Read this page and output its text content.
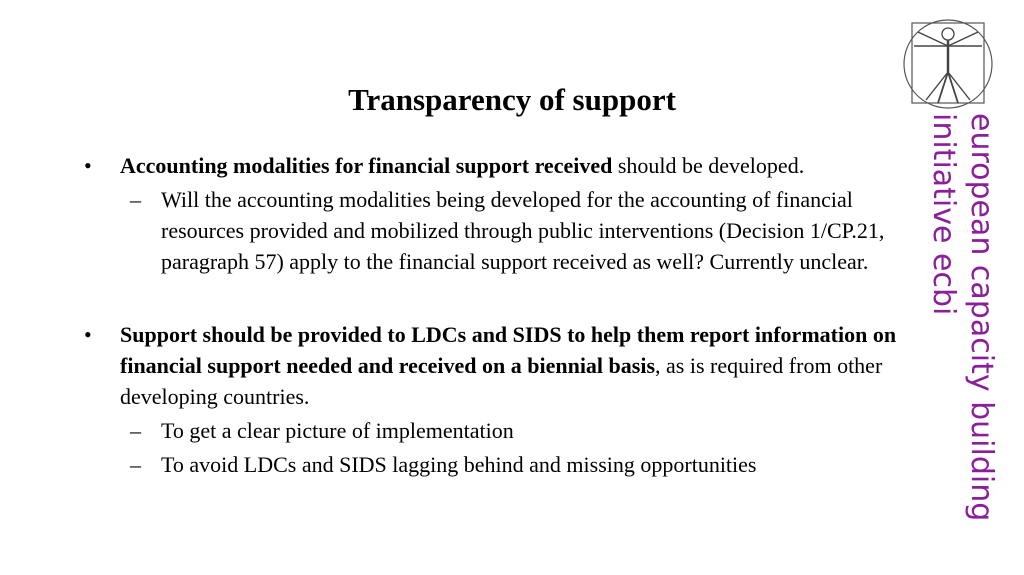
european capacity building
initiative ecbi
Transparency of support
• Accounting modalities for financial support received should be developed.
– Will the accounting modalities being developed for the accounting of financial resources provided and mobilized through public interventions (Decision 1/CP.21, paragraph 57) apply to the financial support received as well? Currently unclear.
• Support should be provided to LDCs and SIDS to help them report information on financial support needed and received on a biennial basis, as is required from other developing countries.
– To get a clear picture of implementation
– To avoid LDCs and SIDS lagging behind and missing opportunities
